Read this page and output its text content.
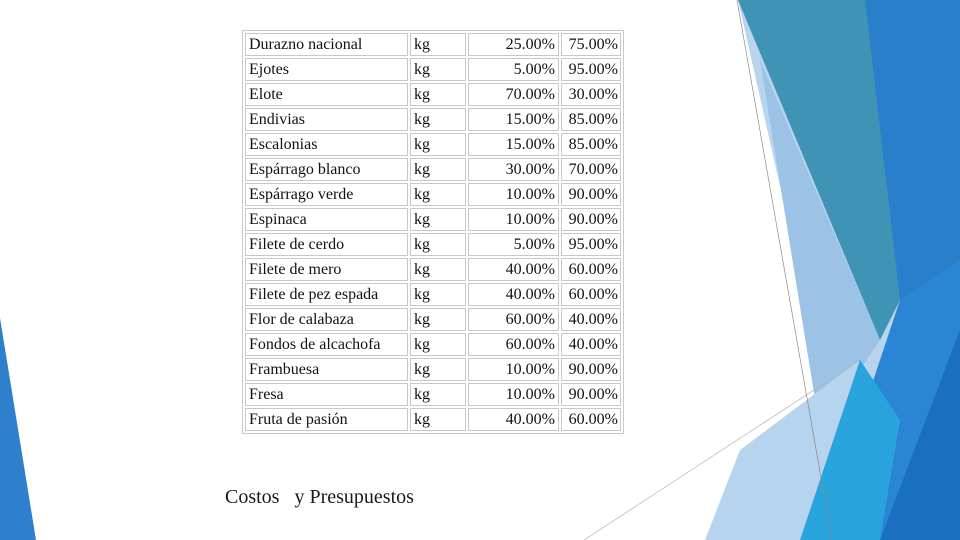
Durazno nacional	kg	25.00%	75.00%
Ejotes	kg	5.00%	95.00%
Elote	kg	70.00%	30.00%
Endivias	kg	15.00%	85.00%
Escalonias	kg	15.00%	85.00%
Espárrago blanco	kg	30.00%	70.00%
Espárrago verde	kg	10.00%	90.00%
Espinaca	kg	10.00%	90.00%
Filete de cerdo	kg	5.00%	95.00%
Filete de mero	kg	40.00%	60.00%
Filete de pez espada	kg	40.00%	60.00%
Flor de calabaza	kg	60.00%	40.00%
Fondos de alcachofa	kg	60.00%	40.00%
Frambuesa	kg	10.00%	90.00%
Fresa	kg	10.00%	90.00%
Fruta de pasión	kg	40.00%	60.00%
Costos   y Presupuestos
